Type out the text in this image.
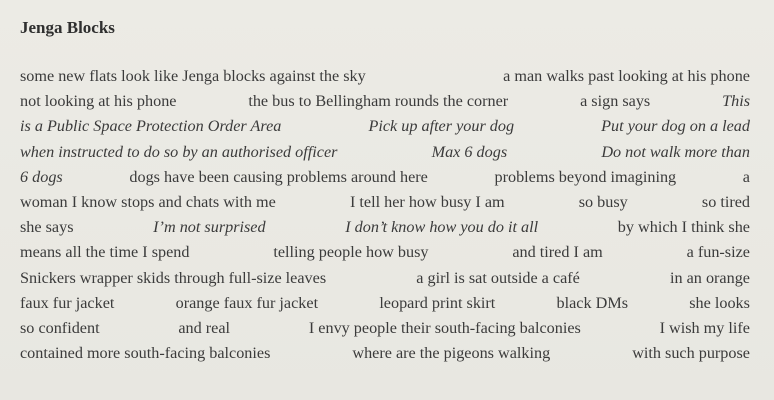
Jenga Blocks
some new flats look like Jenga blocks against the sky	a man walks past looking at his phone
not looking at his phone	the bus to Bellingham rounds the corner	a sign says	This
is a Public Space Protection Order Area	Pick up after your dog	Put your dog on a lead
when instructed to do so by an authorised officer	Max 6 dogs	Do not walk more than
6 dogs	dogs have been causing problems around here	problems beyond imagining	a
woman I know stops and chats with me	I tell her how busy I am	so busy	so tired
she says	I’m not surprised	I don’t know how you do it all	by which I think she
means all the time I spend	telling people how busy	and tired I am	a fun-size
Snickers wrapper skids through full-size leaves	a girl is sat outside a café	in an orange
faux fur jacket	orange faux fur jacket	leopard print skirt	black DMs	she looks
so confident	and real	I envy people their south-facing balconies	I wish my life
contained more south-facing balconies	where are the pigeons walking	with such purpose
